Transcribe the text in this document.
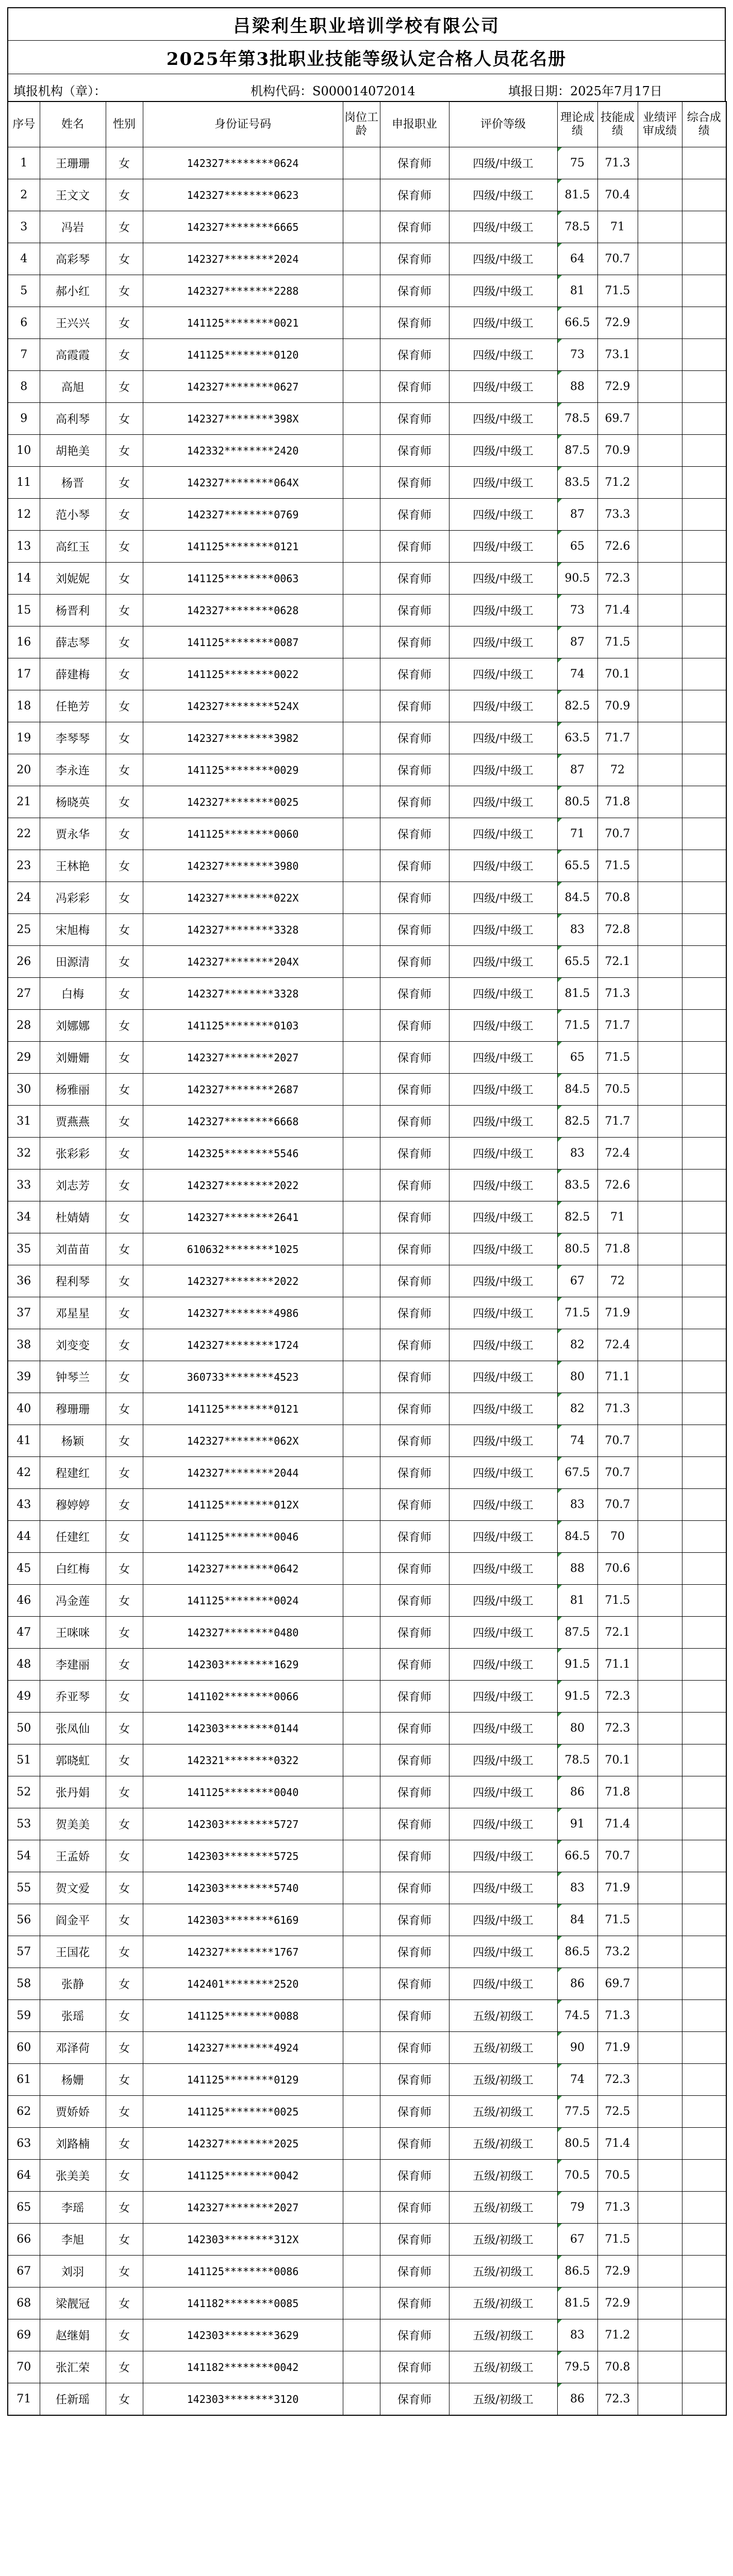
吕梁利生职业培训学校有限公司
2025年第3批职业技能等级认定合格人员花名册
填报机构（章）：	机构代码：S000014072014	填报日期：2025年7月17日
序号	姓名	性别	身份证号码	岗位工龄	申报职业	评价等级	理论成绩	技能成绩	业绩评审成绩	综合成绩
1	王珊珊	女	142327********0624		保育师	四级/中级工	75	71.3		
2	王文文	女	142327********0623		保育师	四级/中级工	81.5	70.4		
3	冯岩	女	142327********6665		保育师	四级/中级工	78.5	71		
4	高彩琴	女	142327********2024		保育师	四级/中级工	64	70.7		
5	郝小红	女	142327********2288		保育师	四级/中级工	81	71.5		
6	王兴兴	女	141125********0021		保育师	四级/中级工	66.5	72.9		
7	高霞霞	女	141125********0120		保育师	四级/中级工	73	73.1		
8	高旭	女	142327********0627		保育师	四级/中级工	88	72.9		
9	高利琴	女	142327********398X		保育师	四级/中级工	78.5	69.7		
10	胡艳美	女	142332********2420		保育师	四级/中级工	87.5	70.9		
11	杨晋	女	142327********064X		保育师	四级/中级工	83.5	71.2		
12	范小琴	女	142327********0769		保育师	四级/中级工	87	73.3		
13	高红玉	女	141125********0121		保育师	四级/中级工	65	72.6		
14	刘妮妮	女	141125********0063		保育师	四级/中级工	90.5	72.3		
15	杨晋利	女	142327********0628		保育师	四级/中级工	73	71.4		
16	薛志琴	女	141125********0087		保育师	四级/中级工	87	71.5		
17	薛建梅	女	141125********0022		保育师	四级/中级工	74	70.1		
18	任艳芳	女	142327********524X		保育师	四级/中级工	82.5	70.9		
19	李琴琴	女	142327********3982		保育师	四级/中级工	63.5	71.7		
20	李永连	女	141125********0029		保育师	四级/中级工	87	72		
21	杨晓英	女	142327********0025		保育师	四级/中级工	80.5	71.8		
22	贾永华	女	141125********0060		保育师	四级/中级工	71	70.7		
23	王林艳	女	142327********3980		保育师	四级/中级工	65.5	71.5		
24	冯彩彩	女	142327********022X		保育师	四级/中级工	84.5	70.8		
25	宋旭梅	女	142327********3328		保育师	四级/中级工	83	72.8		
26	田源清	女	142327********204X		保育师	四级/中级工	65.5	72.1		
27	白梅	女	142327********3328		保育师	四级/中级工	81.5	71.3		
28	刘娜娜	女	141125********0103		保育师	四级/中级工	71.5	71.7		
29	刘姗姗	女	142327********2027		保育师	四级/中级工	65	71.5		
30	杨雅丽	女	142327********2687		保育师	四级/中级工	84.5	70.5		
31	贾燕燕	女	142327********6668		保育师	四级/中级工	82.5	71.7		
32	张彩彩	女	142325********5546		保育师	四级/中级工	83	72.4		
33	刘志芳	女	142327********2022		保育师	四级/中级工	83.5	72.6		
34	杜婧婧	女	142327********2641		保育师	四级/中级工	82.5	71		
35	刘苗苗	女	610632********1025		保育师	四级/中级工	80.5	71.8		
36	程利琴	女	142327********2022		保育师	四级/中级工	67	72		
37	邓星星	女	142327********4986		保育师	四级/中级工	71.5	71.9		
38	刘变变	女	142327********1724		保育师	四级/中级工	82	72.4		
39	钟琴兰	女	360733********4523		保育师	四级/中级工	80	71.1		
40	穆珊珊	女	141125********0121		保育师	四级/中级工	82	71.3		
41	杨颖	女	142327********062X		保育师	四级/中级工	74	70.7		
42	程建红	女	142327********2044		保育师	四级/中级工	67.5	70.7		
43	穆婷婷	女	141125********012X		保育师	四级/中级工	83	70.7		
44	任建红	女	141125********0046		保育师	四级/中级工	84.5	70		
45	白红梅	女	142327********0642		保育师	四级/中级工	88	70.6		
46	冯金莲	女	141125********0024		保育师	四级/中级工	81	71.5		
47	王咪咪	女	142327********0480		保育师	四级/中级工	87.5	72.1		
48	李建丽	女	142303********1629		保育师	四级/中级工	91.5	71.1		
49	乔亚琴	女	141102********0066		保育师	四级/中级工	91.5	72.3		
50	张凤仙	女	142303********0144		保育师	四级/中级工	80	72.3		
51	郭晓虹	女	142321********0322		保育师	四级/中级工	78.5	70.1		
52	张丹娟	女	141125********0040		保育师	四级/中级工	86	71.8		
53	贺美美	女	142303********5727		保育师	四级/中级工	91	71.4		
54	王孟娇	女	142303********5725		保育师	四级/中级工	66.5	70.7		
55	贺文爱	女	142303********5740		保育师	四级/中级工	83	71.9		
56	阎金平	女	142303********6169		保育师	四级/中级工	84	71.5		
57	王国花	女	142327********1767		保育师	四级/中级工	86.5	73.2		
58	张静	女	142401********2520		保育师	四级/中级工	86	69.7		
59	张瑶	女	141125********0088		保育师	五级/初级工	74.5	71.3		
60	邓泽荷	女	142327********4924		保育师	五级/初级工	90	71.9		
61	杨姗	女	141125********0129		保育师	五级/初级工	74	72.3		
62	贾娇娇	女	141125********0025		保育师	五级/初级工	77.5	72.5		
63	刘路楠	女	142327********2025		保育师	五级/初级工	80.5	71.4		
64	张美美	女	141125********0042		保育师	五级/初级工	70.5	70.5		
65	李瑶	女	142327********2027		保育师	五级/初级工	79	71.3		
66	李旭	女	142303********312X		保育师	五级/初级工	67	71.5		
67	刘羽	女	141125********0086		保育师	五级/初级工	86.5	72.9		
68	梁靓冠	女	141182********0085		保育师	五级/初级工	81.5	72.9		
69	赵继娟	女	142303********3629		保育师	五级/初级工	83	71.2		
70	张汇荣	女	141182********0042		保育师	五级/初级工	79.5	70.8		
71	任新瑶	女	142303********3120		保育师	五级/初级工	86	72.3		
